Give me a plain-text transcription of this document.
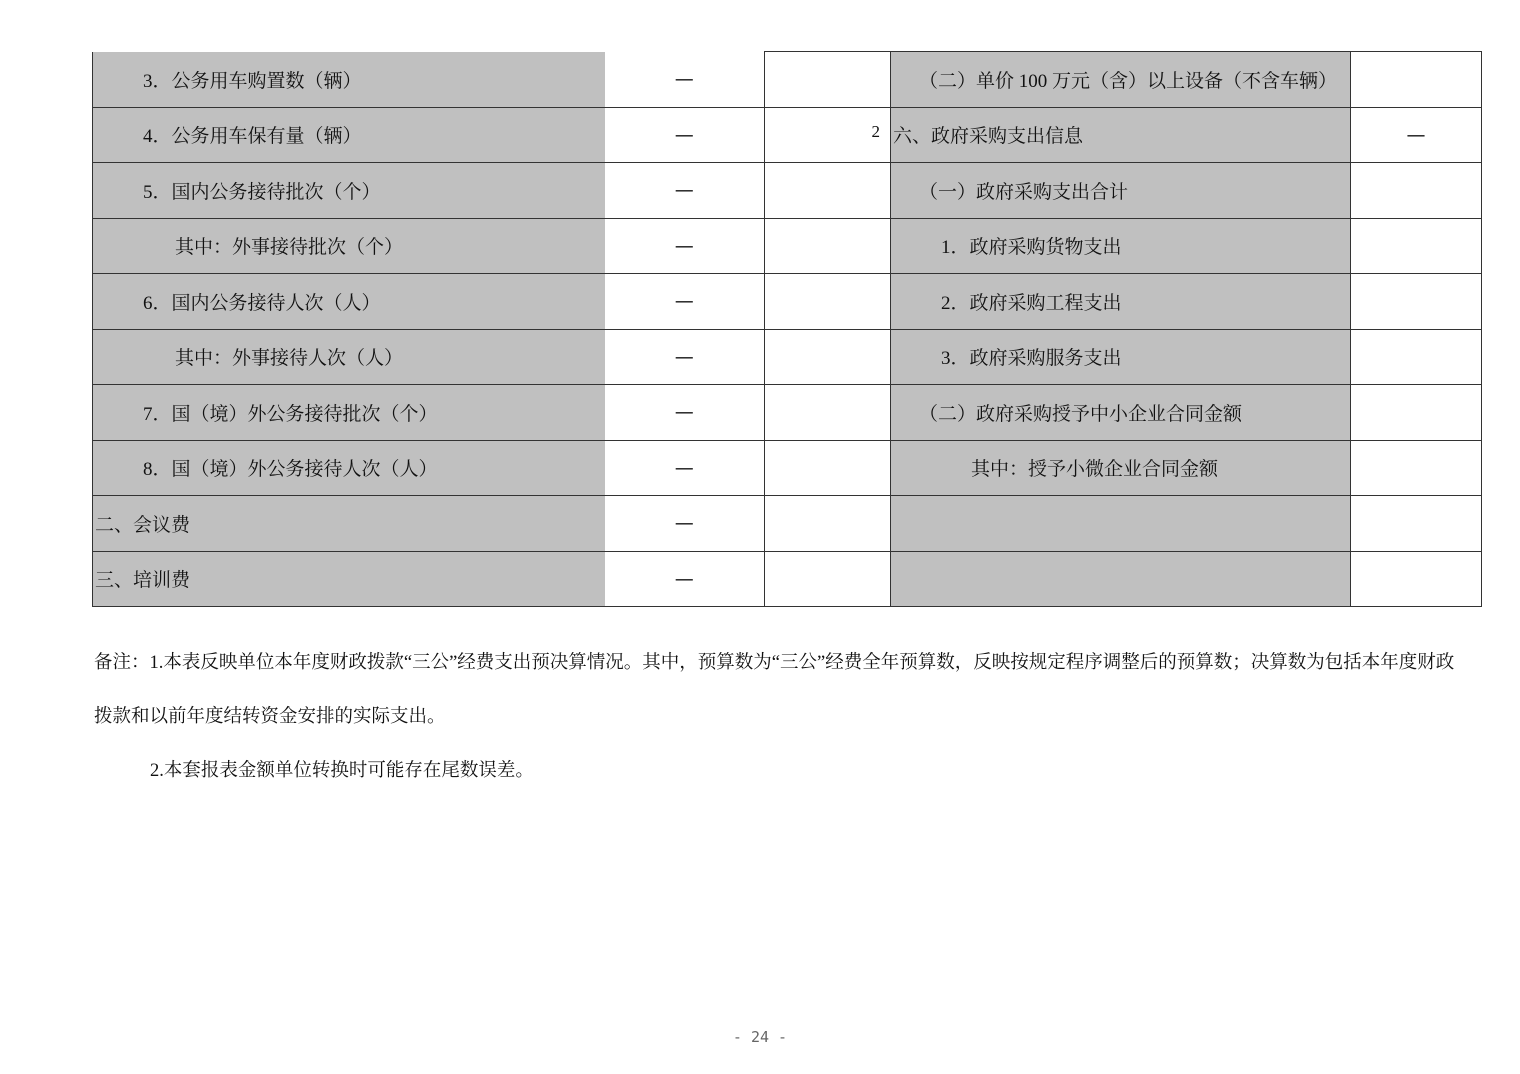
3．公务用车购置数（辆）	—		（二）单价 100 万元（含）以上设备（不含车辆）	
4．公务用车保有量（辆）	—	2	六、政府采购支出信息	—
5．国内公务接待批次（个）	—		（一）政府采购支出合计	
其中：外事接待批次（个）	—		1．政府采购货物支出	
6．国内公务接待人次（人）	—		2．政府采购工程支出	
其中：外事接待人次（人）	—		3．政府采购服务支出	
7．国（境）外公务接待批次（个）	—		（二）政府采购授予中小企业合同金额	
8．国（境）外公务接待人次（人）	—		其中：授予小微企业合同金额	
二、会议费	—			
三、培训费	—			

备注：1.本表反映单位本年度财政拨款“三公”经费支出预决算情况。其中，预算数为“三公”经费全年预算数，反映按规定程序调整后的预算数；决算数为包括本年度财政

拨款和以前年度结转资金安排的实际支出。

2.本套报表金额单位转换时可能存在尾数误差。

- 24 -
